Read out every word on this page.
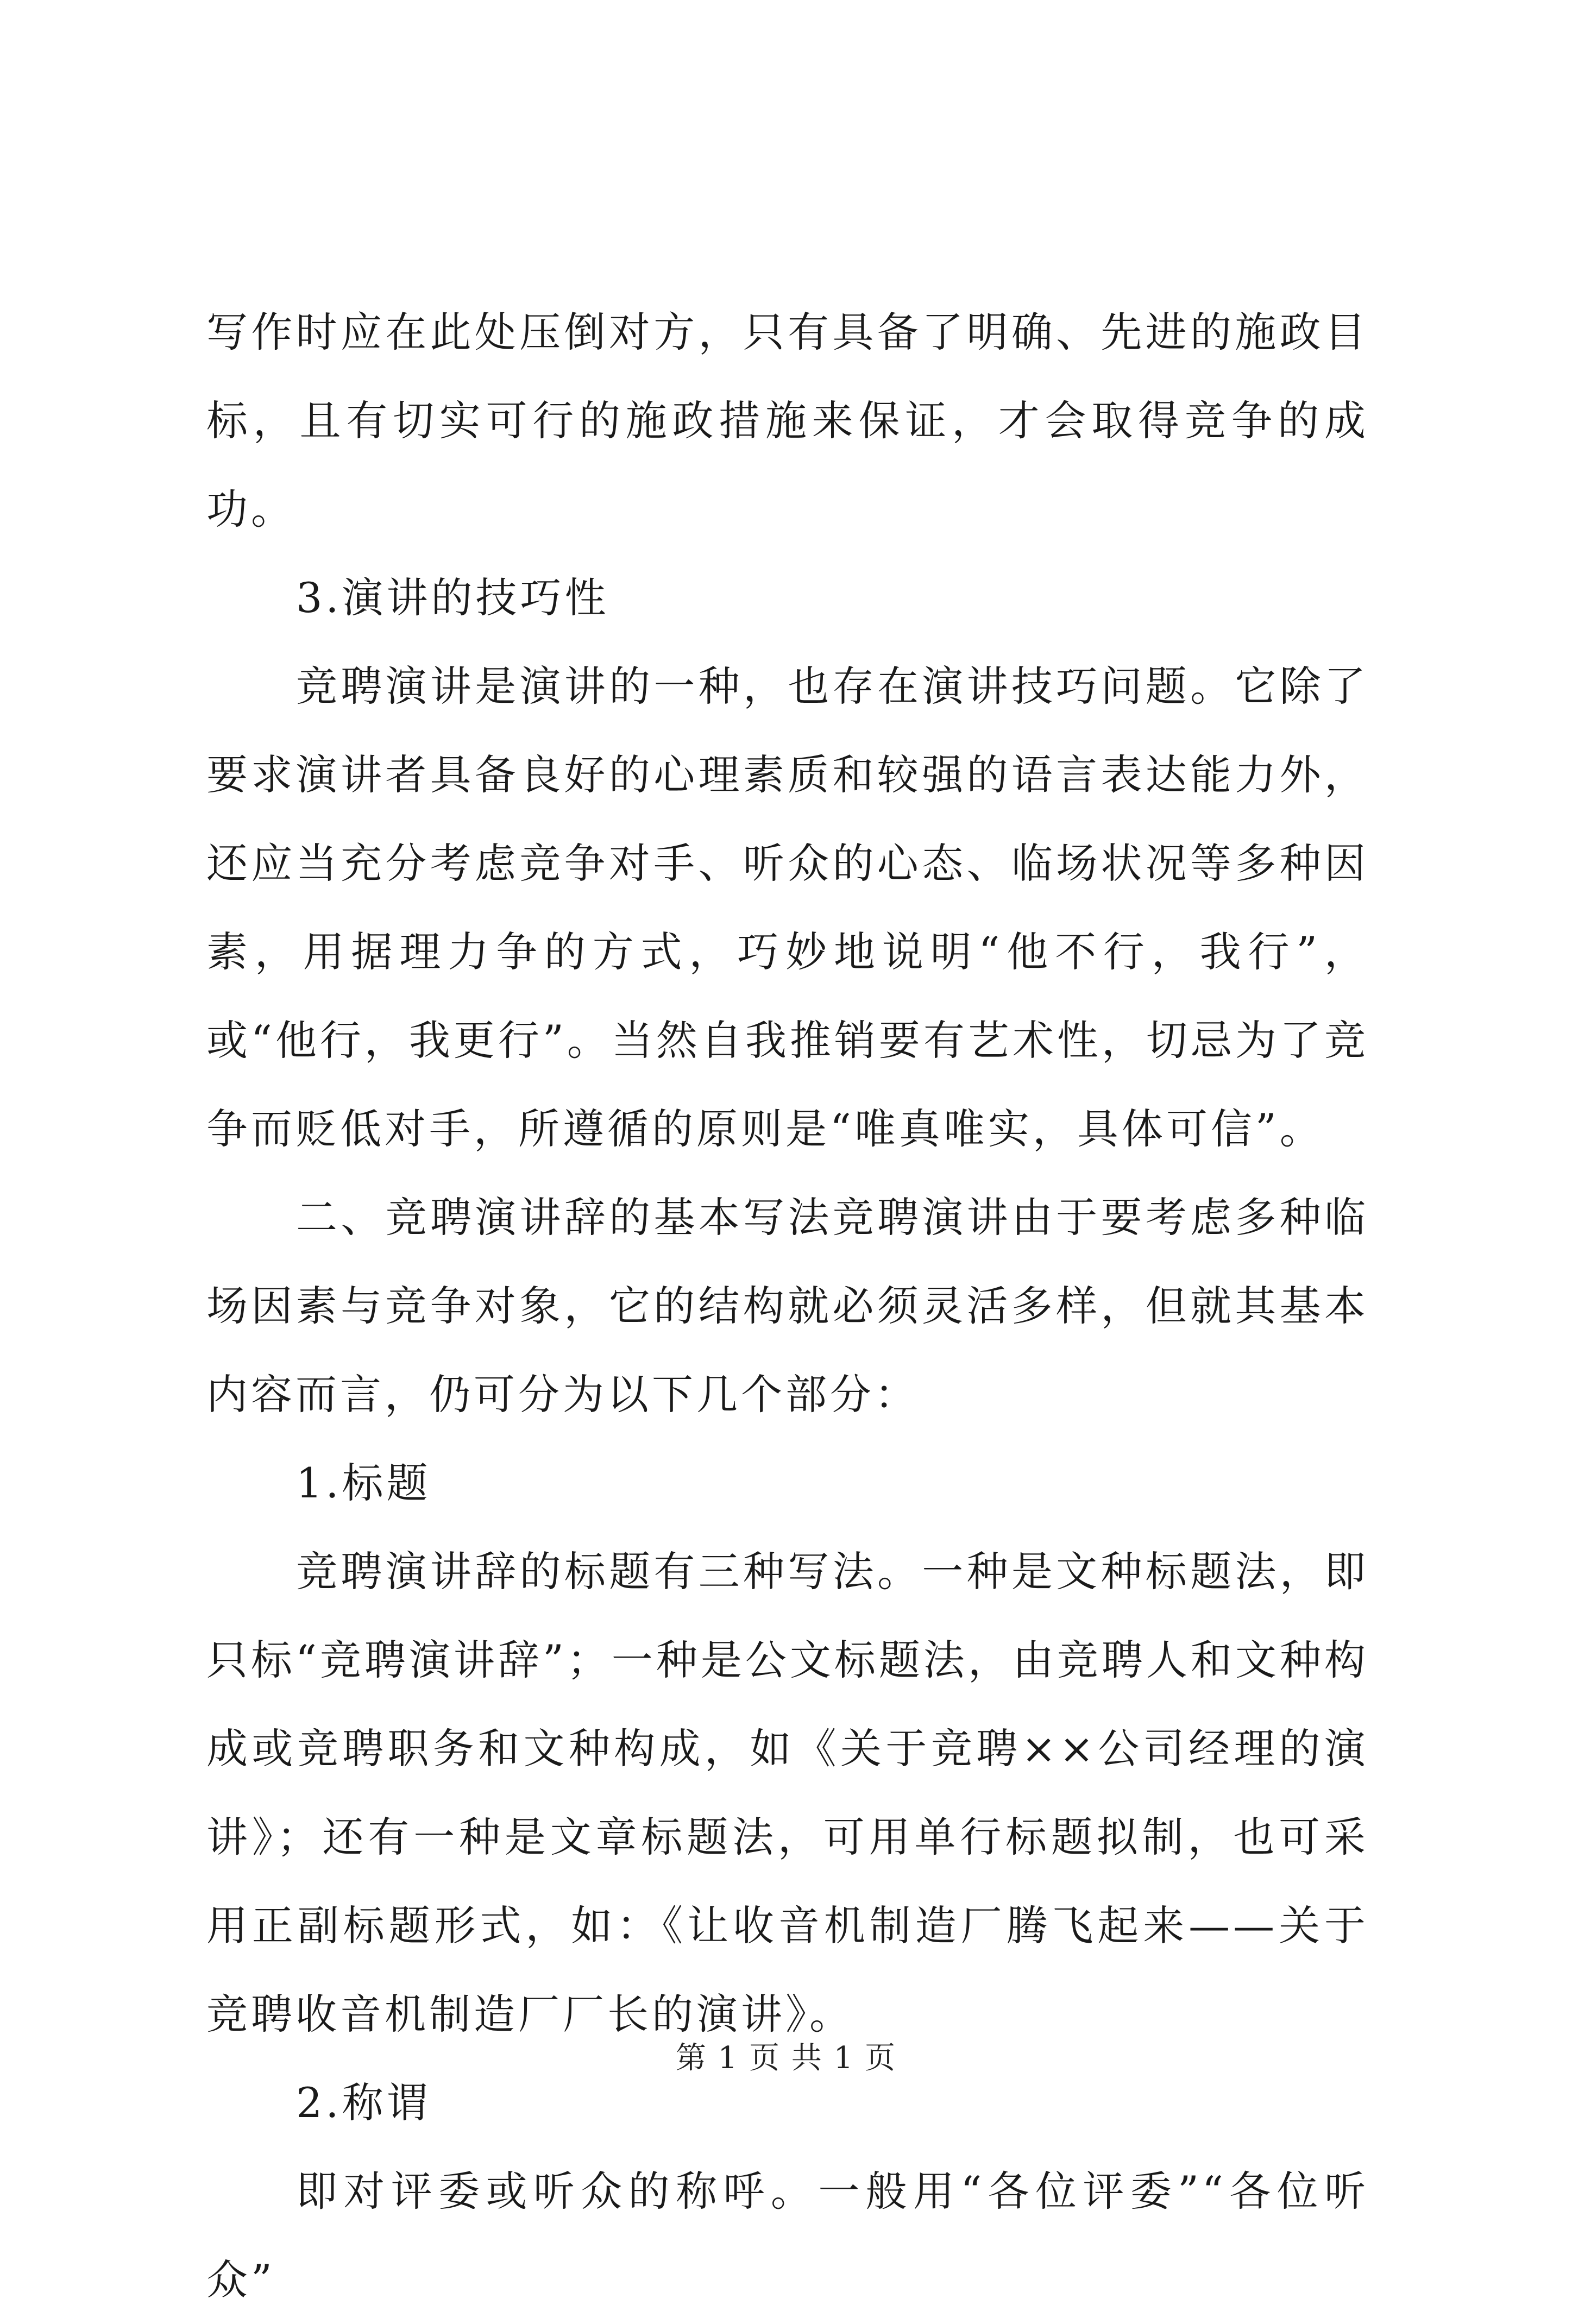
写作时应在此处压倒对方，只有具备了明确、先进的施政目标，且有切实可行的施政措施来保证，才会取得竞争的成功。

3.演讲的技巧性

竞聘演讲是演讲的一种，也存在演讲技巧问题。它除了要求演讲者具备良好的心理素质和较强的语言表达能力外，还应当充分考虑竞争对手、听众的心态、临场状况等多种因素，用据理力争的方式，巧妙地说明“他不行，我行”，或“他行，我更行”。当然自我推销要有艺术性，切忌为了竞争而贬低对手，所遵循的原则是“唯真唯实，具体可信”。

二、竞聘演讲辞的基本写法竞聘演讲由于要考虑多种临场因素与竞争对象，它的结构就必须灵活多样，但就其基本内容而言，仍可分为以下几个部分：

1.标题

竞聘演讲辞的标题有三种写法。一种是文种标题法，即只标“竞聘演讲辞”；一种是公文标题法，由竞聘人和文种构成或竞聘职务和文种构成，如《关于竞聘××公司经理的演讲》；还有一种是文章标题法，可用单行标题拟制，也可采用正副标题形式，如：《让收音机制造厂腾飞起来——关于竞聘收音机制造厂厂长的演讲》。

2.称谓

即对评委或听众的称呼。一般用“各位评委”“各位听众”

第 1 页 共 1 页
